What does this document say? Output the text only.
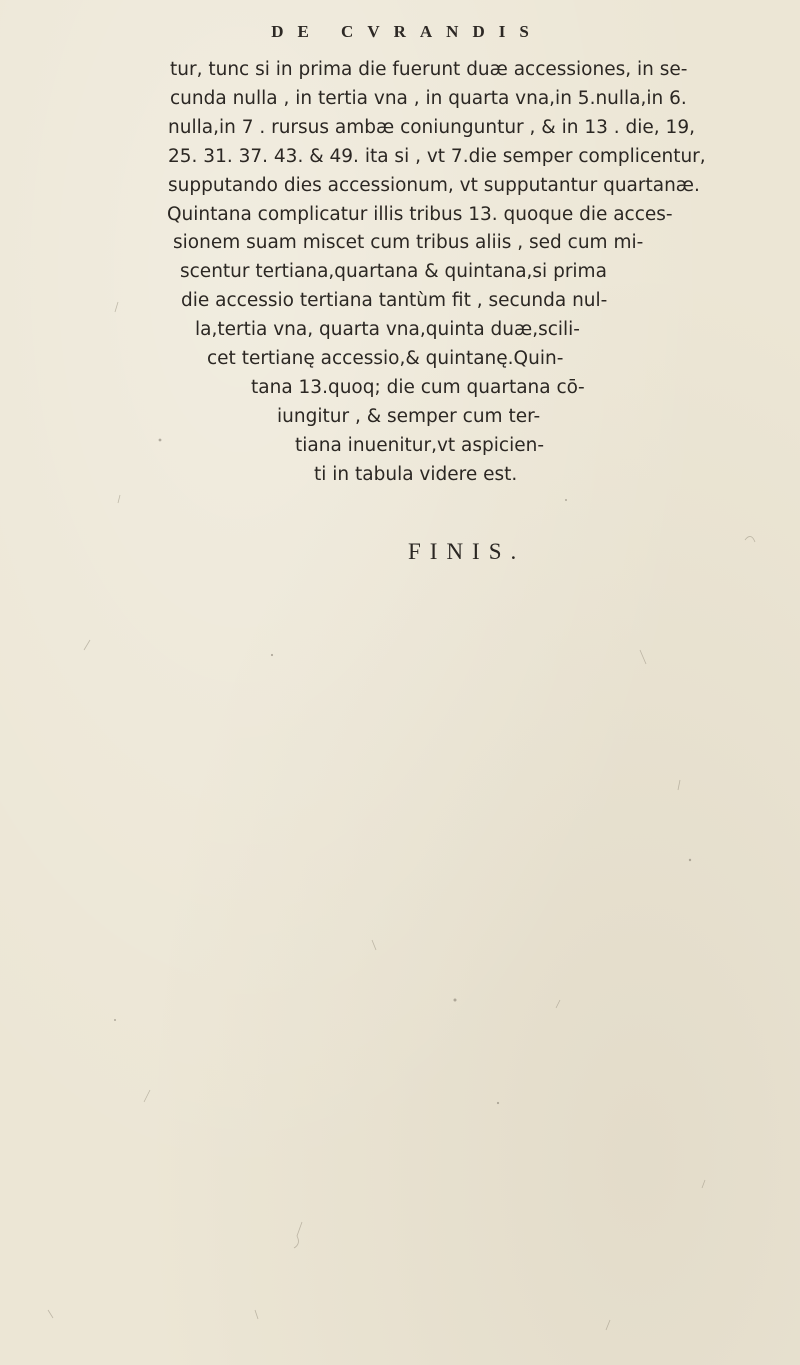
DE CVRANDIS
tur, tunc si in prima die fuerunt duæ accessiones, in se-
cunda nulla , in tertia vna , in quarta vna,in 5.nulla,in 6.
nulla,in 7 . rursus ambæ coniunguntur , & in 13 . die, 19,
25. 31. 37. 43. & 49. ita si , vt 7.die semper complicentur,
supputando dies accessionum, vt supputantur quartanæ.
Quintana complicatur illis tribus 13. quoque die acces-
sionem suam miscet cum tribus aliis , sed cum mi-
scentur tertiana,quartana & quintana,si prima
die accessio tertiana tantùm fit , secunda nul-
la,tertia vna, quarta vna,quinta duæ,scili-
cet tertianę accessio,& quintanę.Quin-
tana 13.quoq; die cum quartana cō-
iungitur , & semper cum ter-
tiana inuenitur,vt aspicien-
ti in tabula videre est.
FINIS.
